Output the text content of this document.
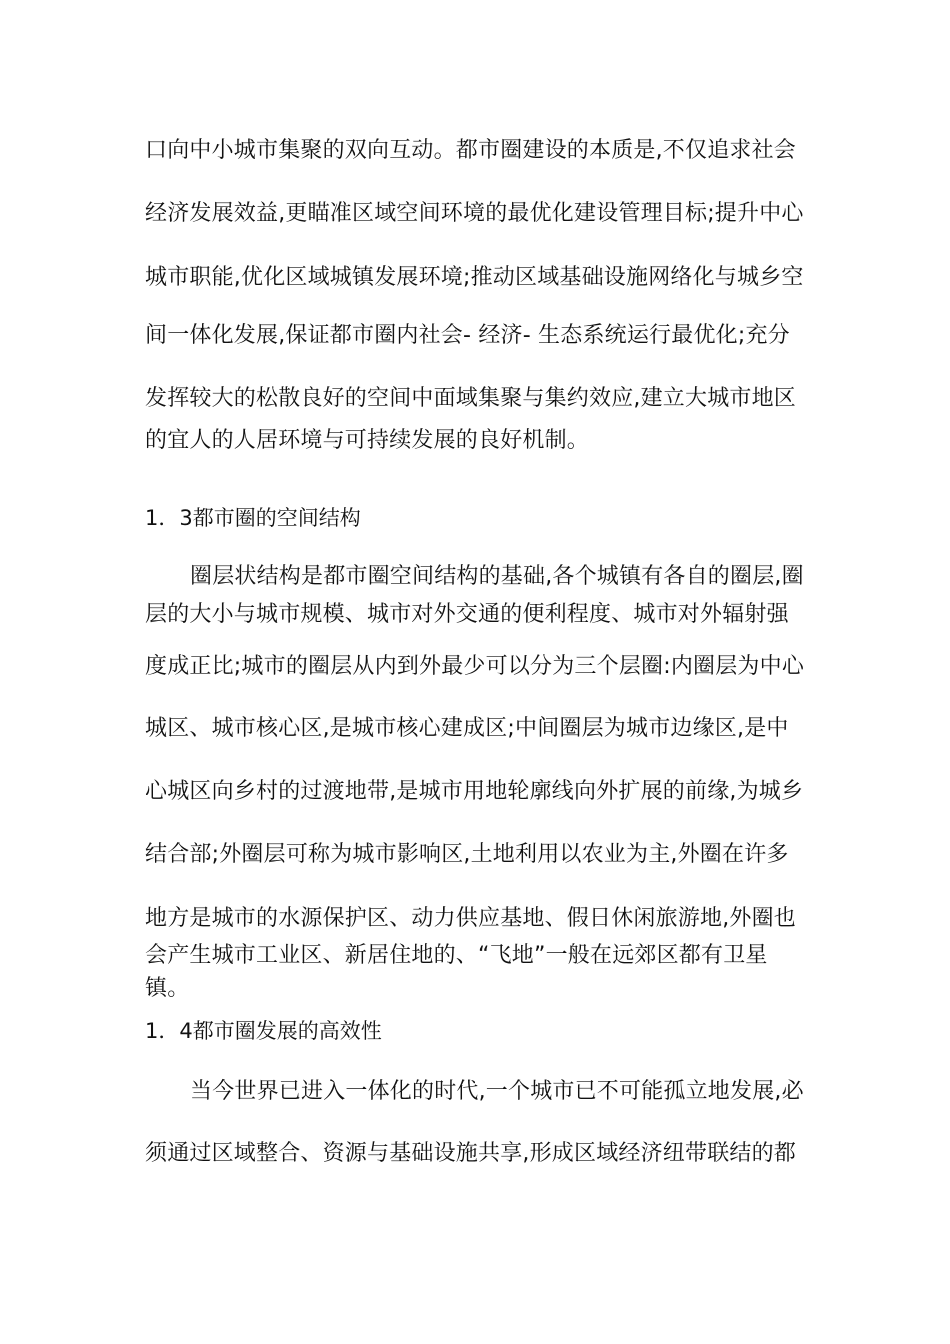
口向中小城市集聚的双向互动。都市圈建设的本质是,不仅追求社会
经济发展效益,更瞄准区域空间环境的最优化建设管理目标;提升中心
城市职能,优化区域城镇发展环境;推动区域基础设施网络化与城乡空
间一体化发展,保证都市圈内社会- 经济- 生态系统运行最优化;充分
发挥较大的松散良好的空间中面域集聚与集约效应,建立大城市地区
的宜人的人居环境与可持续发展的良好机制。
1．3都市圈的空间结构
圈层状结构是都市圈空间结构的基础,各个城镇有各自的圈层,圈
层的大小与城市规模、城市对外交通的便利程度、城市对外辐射强
度成正比;城市的圈层从内到外最少可以分为三个层圈:内圈层为中心
城区、城市核心区,是城市核心建成区;中间圈层为城市边缘区,是中
心城区向乡村的过渡地带,是城市用地轮廓线向外扩展的前缘,为城乡
结合部;外圈层可称为城市影响区,土地利用以农业为主,外圈在许多
地方是城市的水源保护区、动力供应基地、假日休闲旅游地,外圈也
会产生城市工业区、新居住地的、“飞地”一般在远郊区都有卫星
镇。
1．4都市圈发展的高效性
当今世界已进入一体化的时代,一个城市已不可能孤立地发展,必
须通过区域整合、资源与基础设施共享,形成区域经济纽带联结的都
